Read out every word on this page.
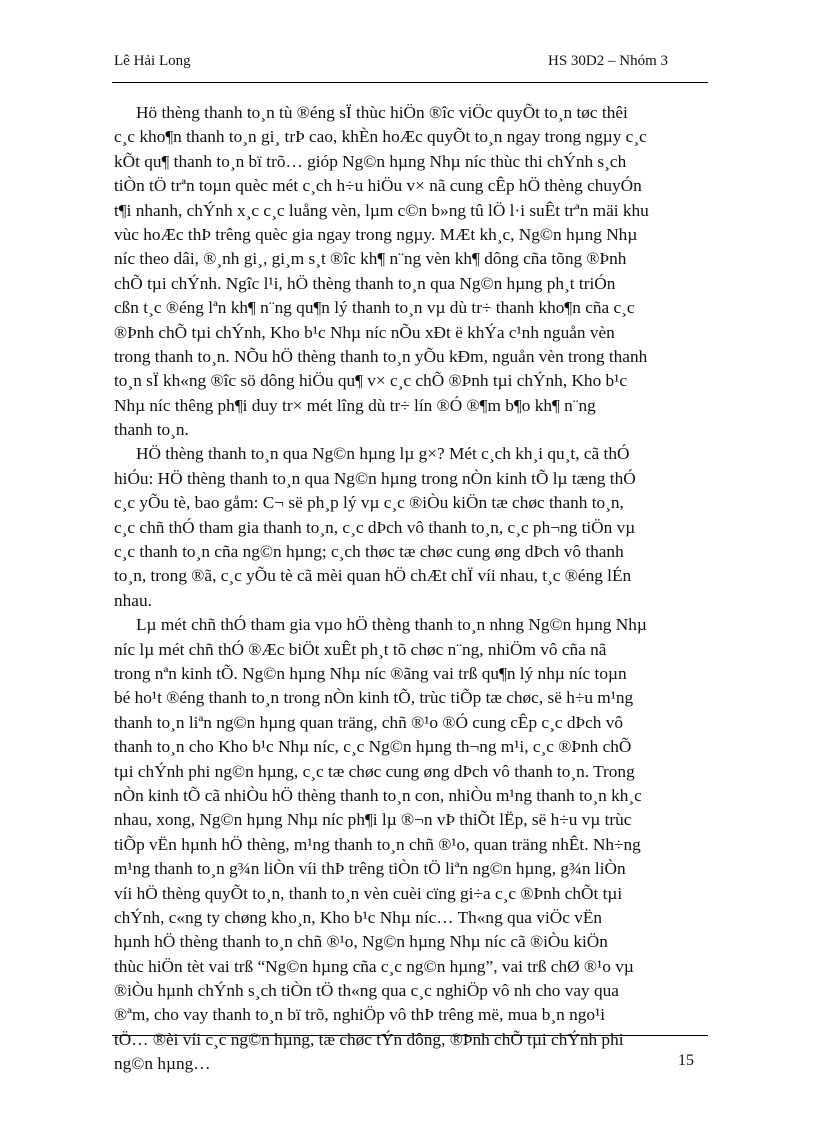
Lê Hải Long	HS 30D2 – Nhóm 3
Hö thèng thanh to¸n tù ®éng sÏ thùc hiÖn ®îc viÖc quyÕt to¸n tøc thêi
c¸c kho¶n thanh to¸n gi¸ trÞ cao, khÈn hoÆc quyÕt to¸n ngay trong ngµy c¸c
kÕt qu¶ thanh to¸n bï trõ… gióp Ng©n hµng Nhµ níc thùc thi chÝnh s¸ch
tiÒn tÖ trªn toµn quèc mét c¸ch h÷u hiÖu v× nã cung cÊp hÖ thèng chuyÓn
t¶i nhanh, chÝnh x¸c c¸c luång vèn, lµm c©n b»ng tû lÖ l·i suÊt trªn mäi khu
vùc hoÆc thÞ trêng quèc gia ngay trong ngµy. MÆt kh¸c, Ng©n hµng Nhµ
níc theo dâi, ®¸nh gi¸, gi¸m s¸t ®îc kh¶ n¨ng vèn kh¶ dông cña tõng ®Þnh
chÕ tµi chÝnh. Ngîc l¹i, hÖ thèng thanh to¸n qua Ng©n hµng ph¸t triÓn
cßn t¸c ®éng lªn kh¶ n¨ng qu¶n lý thanh to¸n vµ dù tr÷ thanh kho¶n cña c¸c
®Þnh chÕ tµi chÝnh, Kho b¹c Nhµ níc nÕu xÐt ë khÝa c¹nh nguån vèn
trong thanh to¸n. NÕu hÖ thèng thanh to¸n yÕu kÐm, nguån vèn trong thanh
to¸n sÏ kh«ng ®îc sö dông hiÖu qu¶ v× c¸c chÕ ®Þnh tµi chÝnh, Kho b¹c
Nhµ níc thêng ph¶i duy tr× mét lîng dù tr÷ lín ®Ó ®¶m b¶o kh¶ n¨ng
thanh to¸n.
HÖ thèng thanh to¸n qua Ng©n hµng lµ g×? Mét c¸ch kh¸i qu¸t, cã thÓ
hiÓu: HÖ thèng thanh to¸n qua Ng©n hµng trong nÒn kinh tÕ lµ tæng thÓ
c¸c yÕu tè, bao gåm: C¬ së ph¸p lý vµ c¸c ®iÒu kiÖn tæ chøc thanh to¸n,
c¸c chñ thÓ tham gia thanh to¸n, c¸c dÞch vô thanh to¸n, c¸c ph¬ng tiÖn vµ
c¸c thanh to¸n cña ng©n hµng; c¸ch thøc tæ chøc cung øng dÞch vô thanh
to¸n, trong ®ã, c¸c yÕu tè cã mèi quan hÖ chÆt chÏ víi nhau, t¸c ®éng lÉn
nhau.
Lµ mét chñ thÓ tham gia vµo hÖ thèng thanh to¸n nhng Ng©n hµng Nhµ
níc lµ mét chñ thÓ ®Æc biÖt xuÊt ph¸t tõ chøc n¨ng, nhiÖm vô cña nã
trong nªn kinh tÕ. Ng©n hµng Nhµ níc ®ãng vai trß qu¶n lý nhµ níc toµn
bé ho¹t ®éng thanh to¸n trong nÒn kinh tÕ, trùc tiÕp tæ chøc, së h÷u m¹ng
thanh to¸n liªn ng©n hµng quan träng, chñ ®¹o ®Ó cung cÊp c¸c dÞch vô
thanh to¸n cho Kho b¹c Nhµ níc, c¸c Ng©n hµng th¬ng m¹i, c¸c ®Þnh chÕ
tµi chÝnh phi ng©n hµng, c¸c tæ chøc cung øng dÞch vô thanh to¸n. Trong
nÒn kinh tÕ cã nhiÒu hÖ thèng thanh to¸n con, nhiÒu m¹ng thanh to¸n kh¸c
nhau, xong, Ng©n hµng Nhµ níc ph¶i lµ ®¬n vÞ thiÕt lËp, së h÷u vµ trùc
tiÕp vËn hµnh hÖ thèng, m¹ng thanh to¸n chñ ®¹o, quan träng nhÊt. Nh÷ng
m¹ng thanh to¸n g¾n liÒn víi thÞ trêng tiÒn tÖ liªn ng©n hµng, g¾n liÒn
víi hÖ thèng quyÕt to¸n, thanh to¸n vèn cuèi cïng gi÷a c¸c ®Þnh chÕt tµi
chÝnh, c«ng ty chøng kho¸n, Kho b¹c Nhµ níc… Th«ng qua viÖc vËn
hµnh hÖ thèng thanh to¸n chñ ®¹o, Ng©n hµng Nhµ níc cã ®iÒu kiÖn
thùc hiÖn tèt vai trß “Ng©n hµng cña c¸c ng©n hµng”, vai trß chØ ®¹o vµ
®iÒu hµnh chÝnh s¸ch tiÒn tÖ th«ng qua c¸c nghiÖp vô nh cho vay qua
®ªm, cho vay thanh to¸n bï trõ, nghiÖp vô thÞ trêng më, mua b¸n ngo¹i
tÖ… ®èi víi c¸c ng©n hµng, tæ chøc tÝn dông, ®Þnh chÕ tµi chÝnh phi
ng©n hµng…	15
